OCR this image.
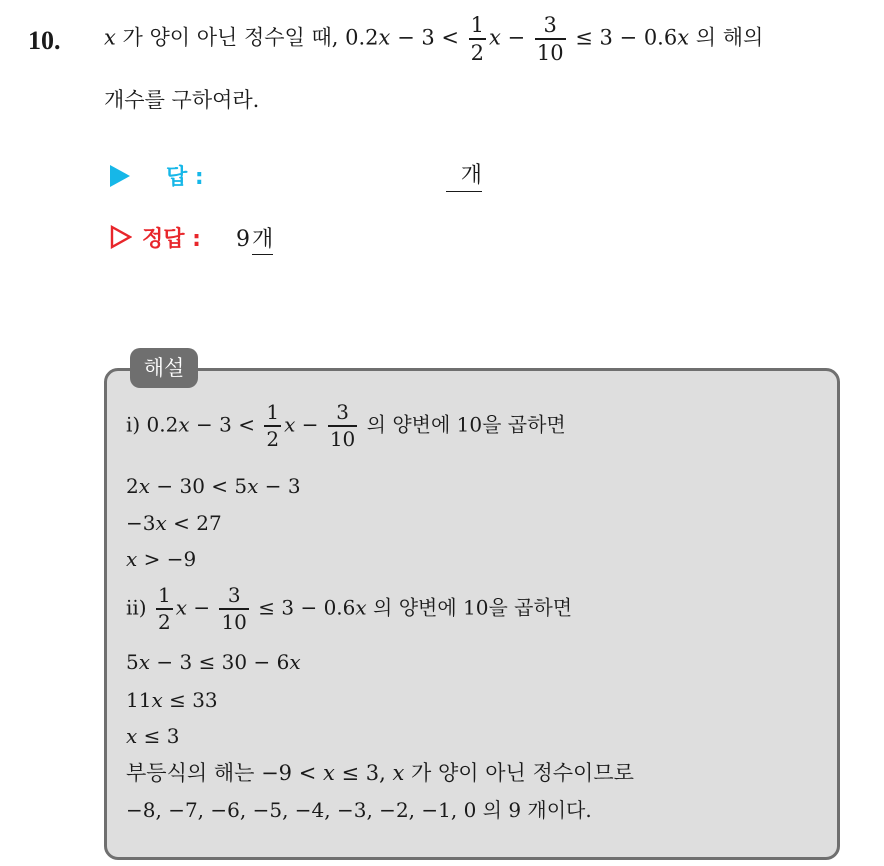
10. x 가 양이 아닌 정수일 때, $0.2x - 3 < \frac{1}{2}$ $x - \frac{3}{10} \le 3 - 0.6x$ 의 해의
개수를 구하여라.
답 :	개
정답 : 9개
해설
i) $0.2x - 3 < \frac{1}{2}$ $x - \frac{3}{10}$ 의 양변에 10을 곱하면
2x − 30 < 5x − 3
−3x < 27
x > −9
$ii) \frac{1}{2}$ $x - \frac{3}{10} \le 3 - 0.6x$ 의 양변에 10을 곱하면
5x − 3 ≤ 30 − 6x
11x ≤ 33
x ≤ 3
부등식의 해는 −9 < x ≤ 3, x 가 양이 아닌 정수이므로
−8, −7, −6, −5, −4, −3, −2, −1, 0 의 9 개이다.
